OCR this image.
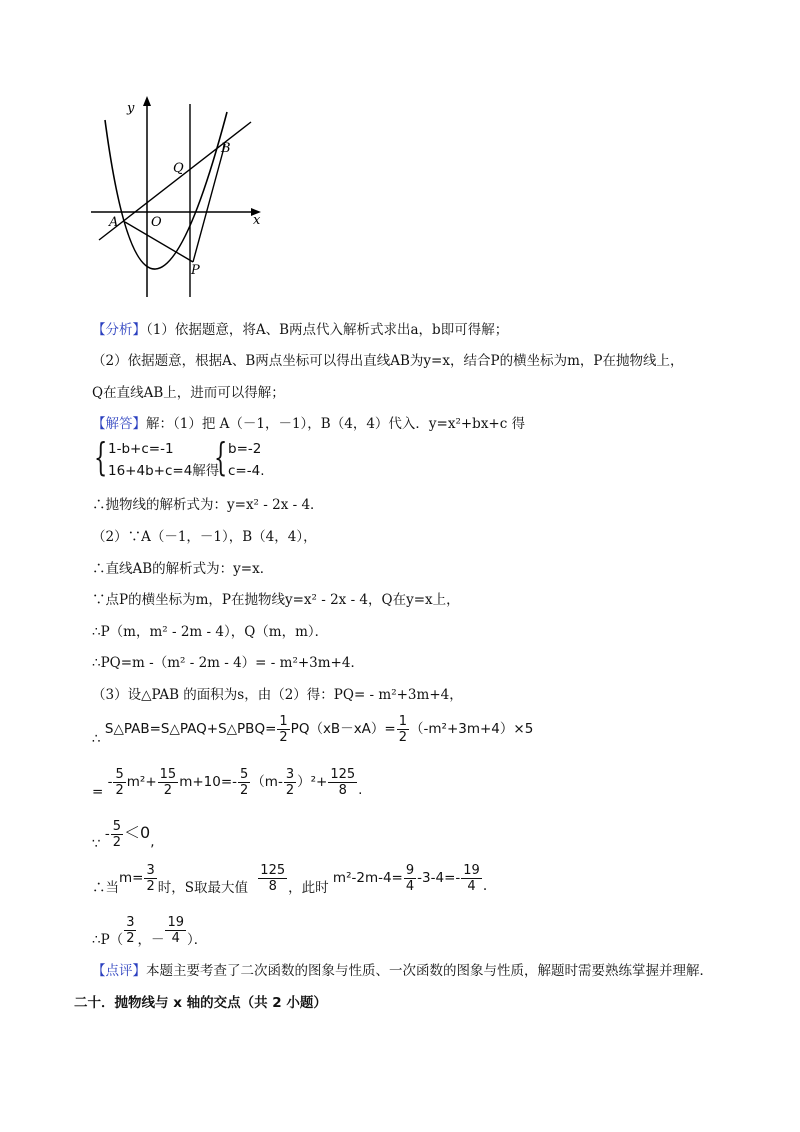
y
x
O
A
B
Q
P
【分析】（1）依据题意，将A、B两点代入解析式求出a，b即可得解；
（2）依据题意，根据A、B两点坐标可以得出直线AB为y=x，结合P的横坐标为m，P在抛物线上，
Q在直线AB上，进而可以得解；
【解答】解：（1）把 A（－1，－1），B（4，4）代入．y=x²+bx+c 得
{ 1-b+c=-1
16+4b+c=4解得
{ b=-2
c=-4.
∴抛物线的解析式为：y=x² - 2x - 4．
（2）∵A（－1，－1），B（4，4），
∴直线AB的解析式为：y=x．
∵点P的横坐标为m，P在抛物线y=x² - 2x - 4，Q在y=x上，
∴P（m，m² - 2m - 4），Q（m，m）．
∴PQ=m -（m² - 2m - 4）= - m²+3m+4．
（3）设△PAB 的面积为s，由（2）得：PQ= - m²+3m+4，
∴ S△PAB=S△PAQ+S△PBQ= $\frac{1}{2} PQ(xB-xA)= \frac{1}{2} (-m^2+3m+4)\times 5$
= - $\frac{5}{2} m^2+ \frac{15}{2} m+10=- \frac{5}{2} (m- \frac{3}{2} )^2+ \frac{125}{8}$ .
∵ - $\frac{5}{2} <0$,
∴当$m= \frac{3}{2}$ 时，S取最大值 $\frac{125}{8}$ ，此时 $m^2-2m-4= \frac{9}{4} -3-4=- \frac{19}{4}$ .
∴P（ $\frac{3}{2}$ ，－ $\frac{19}{4}$ ）．
【点评】本题主要考查了二次函数的图象与性质、一次函数的图象与性质，解题时需要熟练掌握并理解．
二十．抛物线与 x 轴的交点（共 2 小题）
